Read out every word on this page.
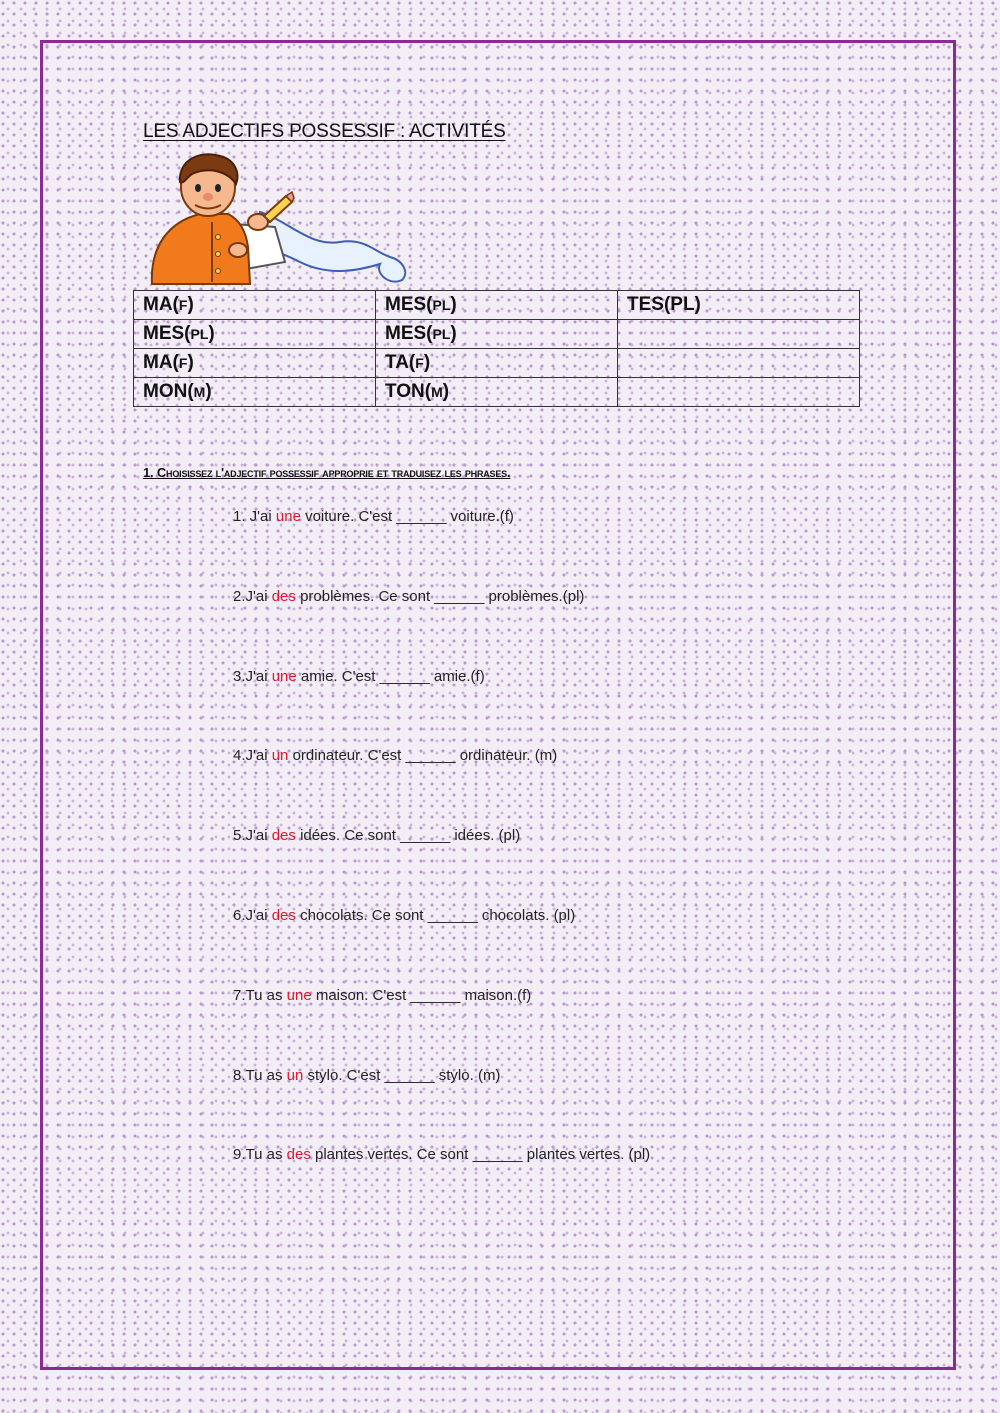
LES ADJECTIFS POSSESSIF : ACTIVITÉS
MA(F)	MES(PL)	TES(PL)
MES(PL)	MES(PL)	
MA(F)	TA(F)	
MON(M)	TON(M)	

1. Choisissez l'adjectif possessif approprie et traduisez les phrases.

1. J'ai une voiture. C'est ______ voiture.(f)

2.J'ai des problèmes. Ce sont ______ problèmes.(pl)

3.J'ai une amie. C'est ______ amie.(f)

4.J'ai un ordinateur. C'est ______ ordinateur. (m)

5.J'ai des idées. Ce sont ______ idées. (pl)

6.J'ai des chocolats. Ce sont ______ chocolats. (pl)

7.Tu as une maison. C'est ______ maison.(f)

8.Tu as un stylo. C'est ______ stylo. (m)

9.Tu as des plantes vertes. Ce sont ______ plantes vertes. (pl)
